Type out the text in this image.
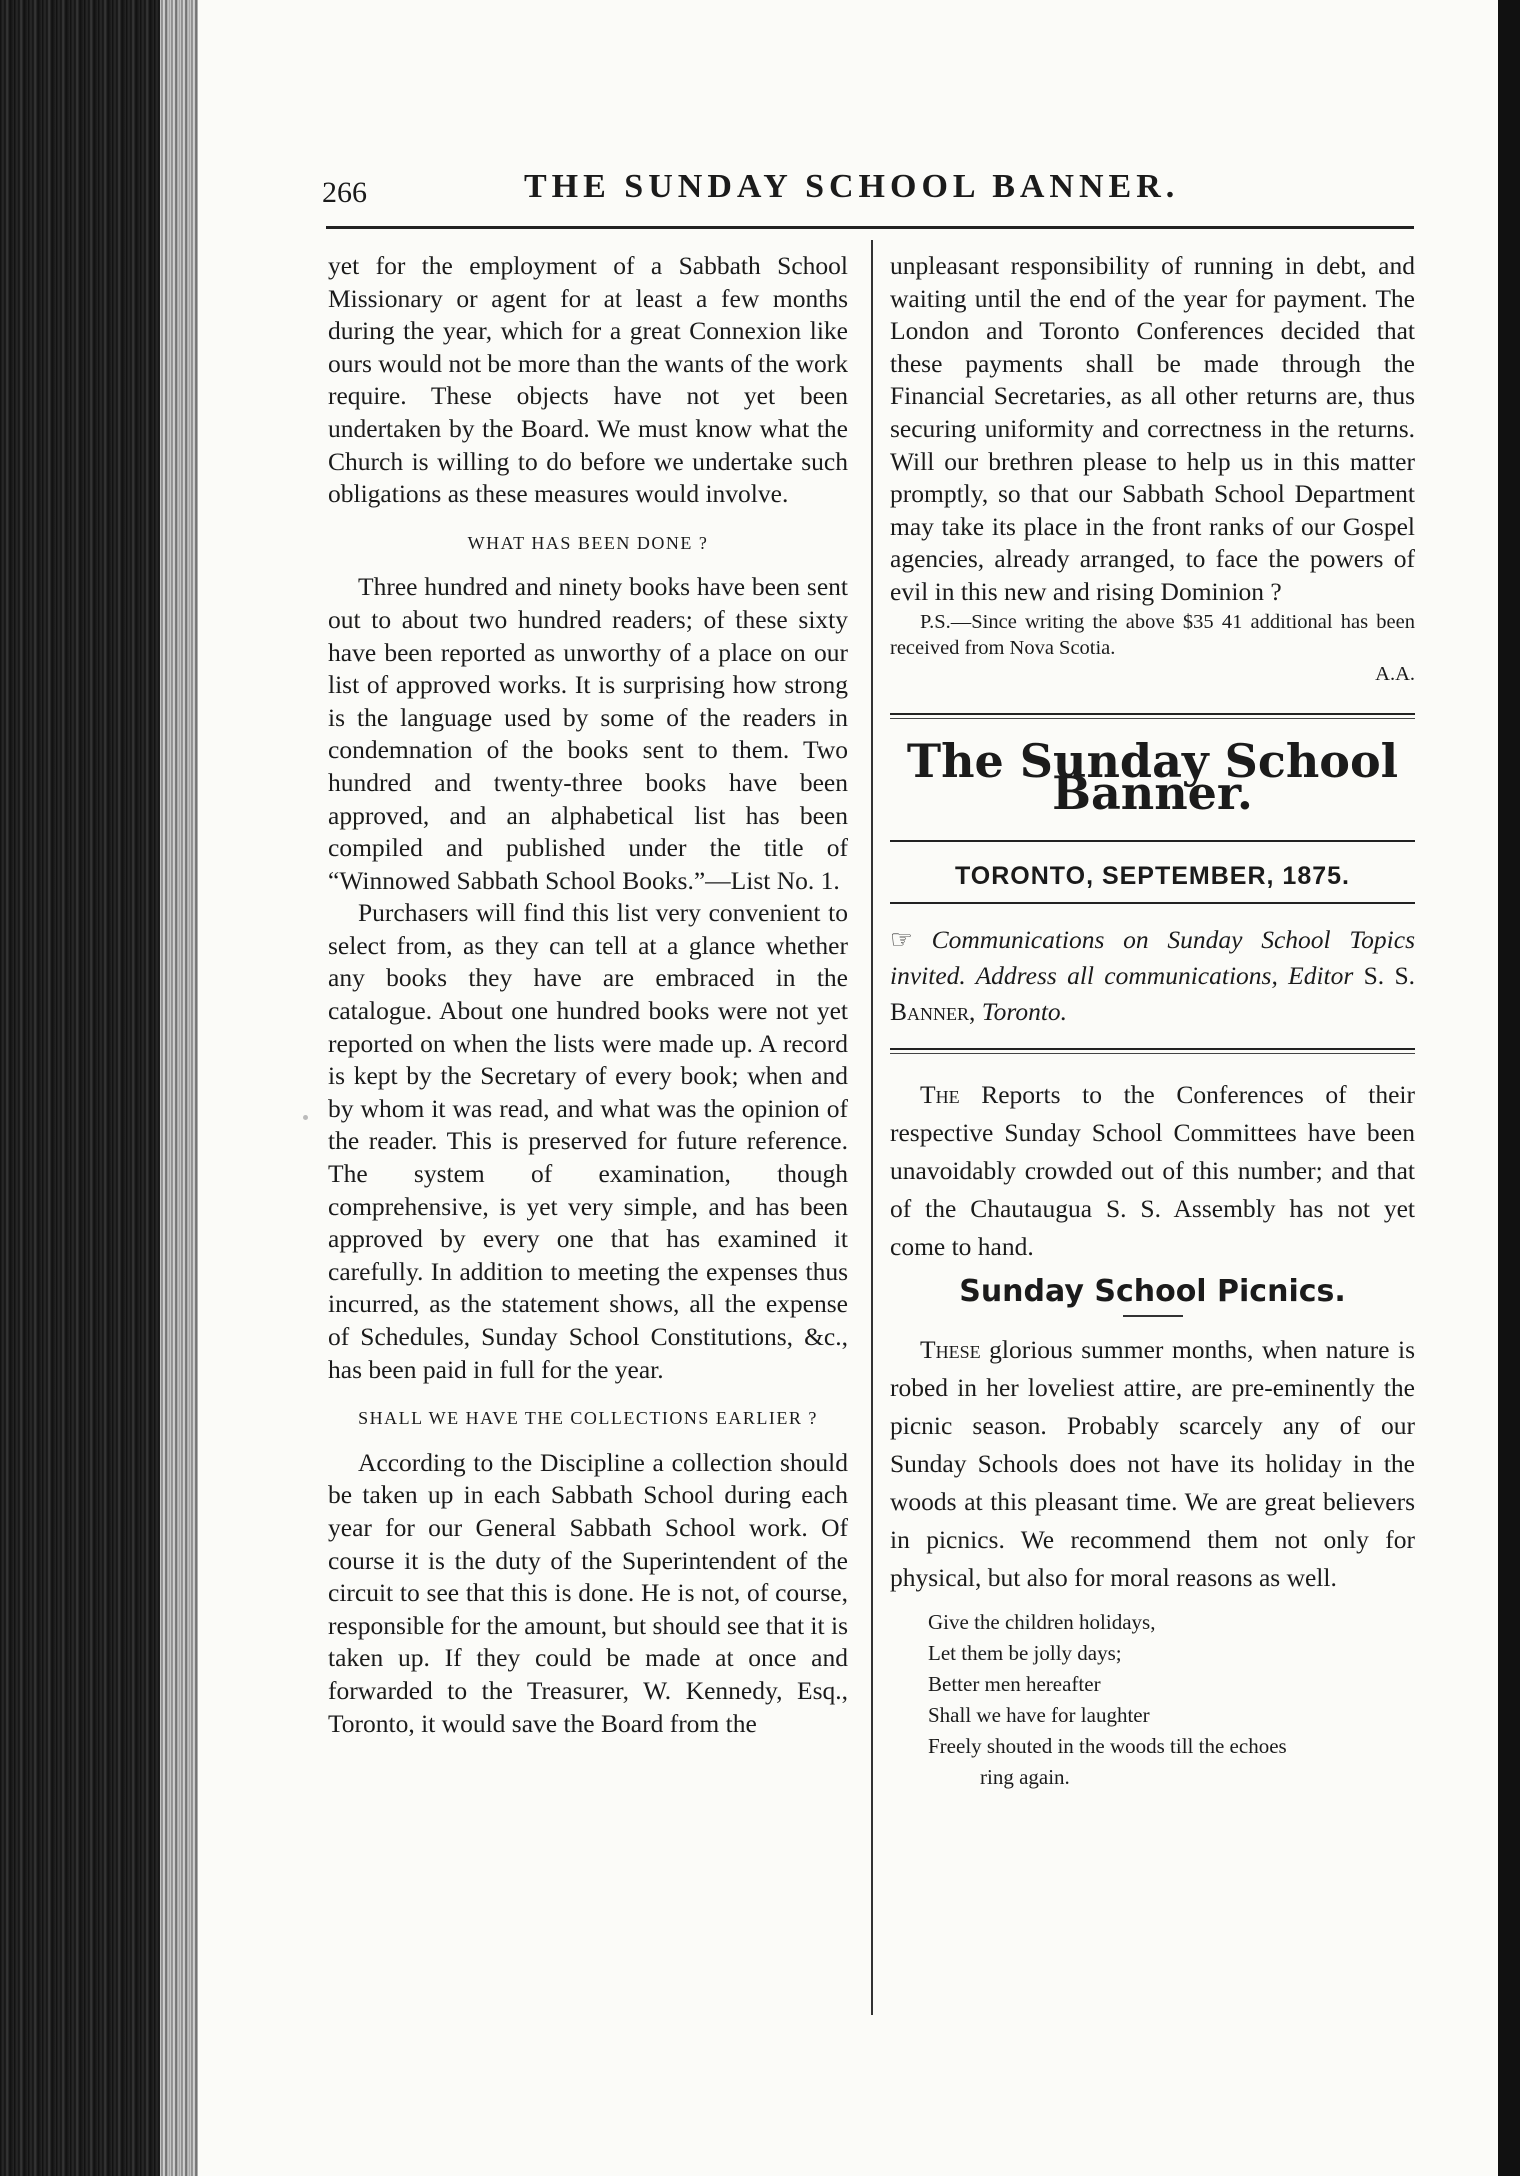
266	THE SUNDAY SCHOOL BANNER.

yet for the employment of a Sabbath School Missionary or agent for at least a few months during the year, which for a great Connexion like ours would not be more than the wants of the work require. These objects have not yet been undertaken by the Board. We must know what the Church is willing to do before we undertake such obligations as these measures would involve.

WHAT HAS BEEN DONE ?

Three hundred and ninety books have been sent out to about two hundred readers; of these sixty have been reported as unworthy of a place on our list of approved works. It is surprising how strong is the language used by some of the readers in condemnation of the books sent to them. Two hundred and twenty-three books have been approved, and an alphabetical list has been compiled and published under the title of “Winnowed Sabbath School Books.”—List No. 1.

Purchasers will find this list very convenient to select from, as they can tell at a glance whether any books they have are embraced in the catalogue. About one hundred books were not yet reported on when the lists were made up. A record is kept by the Secretary of every book; when and by whom it was read, and what was the opinion of the reader. This is preserved for future reference. The system of examination, though comprehensive, is yet very simple, and has been approved by every one that has examined it carefully. In addition to meeting the expenses thus incurred, as the statement shows, all the expense of Schedules, Sunday School Constitutions, &c., has been paid in full for the year.

SHALL WE HAVE THE COLLECTIONS EARLIER ?

According to the Discipline a collection should be taken up in each Sabbath School during each year for our General Sabbath School work. Of course it is the duty of the Superintendent of the circuit to see that this is done. He is not, of course, responsible for the amount, but should see that it is taken up. If they could be made at once and forwarded to the Treasurer, W. Kennedy, Esq., Toronto, it would save the Board from the

unpleasant responsibility of running in debt, and waiting until the end of the year for payment. The London and Toronto Conferences decided that these payments shall be made through the Financial Secretaries, as all other returns are, thus securing uniformity and correctness in the returns. Will our brethren please to help us in this matter promptly, so that our Sabbath School Department may take its place in the front ranks of our Gospel agencies, already arranged, to face the powers of evil in this new and rising Dominion ?

P.S.—Since writing the above $35 41 additional has been received from Nova Scotia.

A.A.
The Sunday School Banner.
TORONTO, SEPTEMBER, 1875.
☞ Communications on Sunday School Topics invited. Address all communications, Editor S. S. Banner, Toronto.

The Reports to the Conferences of their respective Sunday School Committees have been unavoidably crowded out of this number; and that of the Chautaugua S. S. Assembly has not yet come to hand.

Sunday School Picnics.

These glorious summer months, when nature is robed in her loveliest attire, are pre-eminently the picnic season. Probably scarcely any of our Sunday Schools does not have its holiday in the woods at this pleasant time. We are great believers in picnics. We recommend them not only for physical, but also for moral reasons as well.

Give the children holidays,

Let them be jolly days;

Better men hereafter

Shall we have for laughter

Freely shouted in the woods till the echoes

ring again.
